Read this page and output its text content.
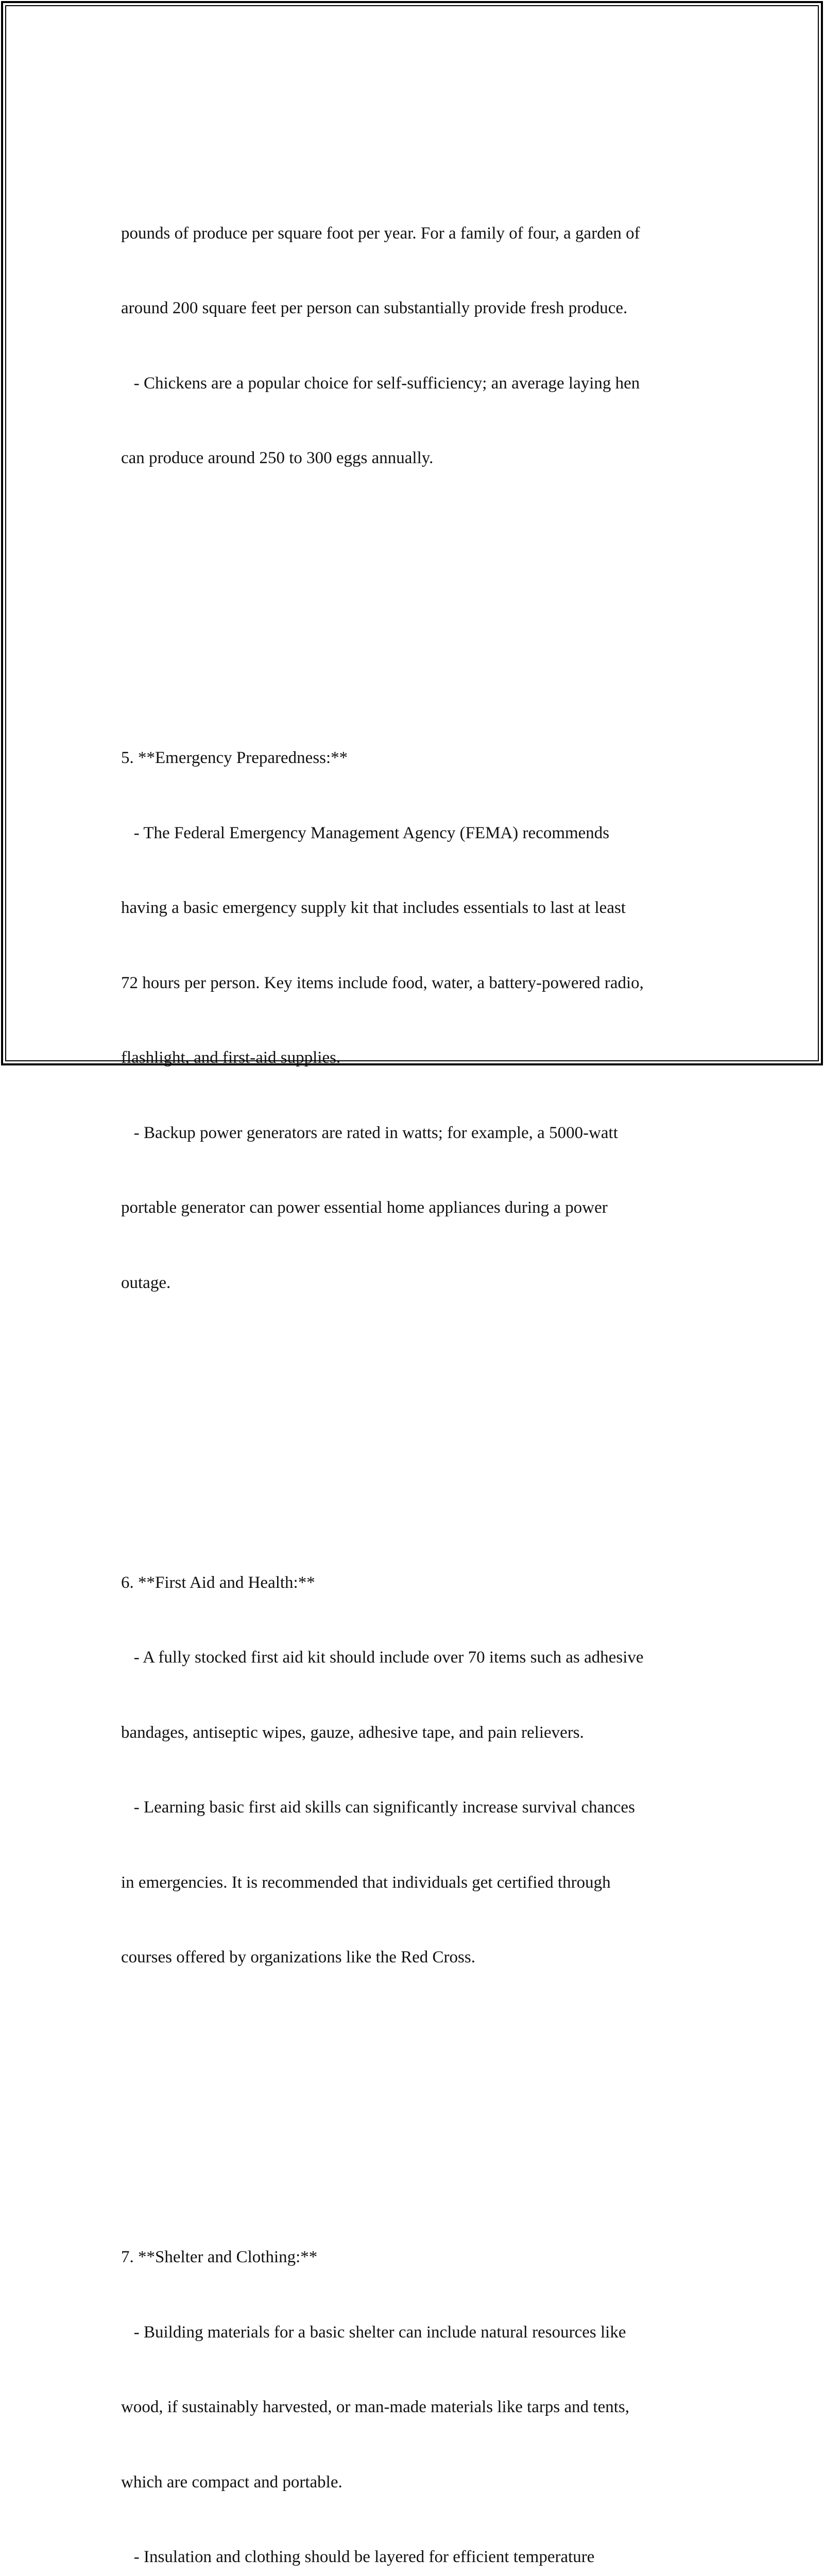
pounds of produce per square foot per year. For a family of four, a garden of

around 200 square feet per person can substantially provide fresh produce.

- Chickens are a popular choice for self-sufficiency; an average laying hen

can produce around 250 to 300 eggs annually.

5. **Emergency Preparedness:**

- The Federal Emergency Management Agency (FEMA) recommends

having a basic emergency supply kit that includes essentials to last at least

72 hours per person. Key items include food, water, a battery-powered radio,

flashlight, and first-aid supplies.

- Backup power generators are rated in watts; for example, a 5000-watt

portable generator can power essential home appliances during a power

outage.

6. **First Aid and Health:**

- A fully stocked first aid kit should include over 70 items such as adhesive

bandages, antiseptic wipes, gauze, adhesive tape, and pain relievers.

- Learning basic first aid skills can significantly increase survival chances

in emergencies. It is recommended that individuals get certified through

courses offered by organizations like the Red Cross.

7. **Shelter and Clothing:**

- Building materials for a basic shelter can include natural resources like

wood, if sustainably harvested, or man-made materials like tarps and tents,

which are compact and portable.

- Insulation and clothing should be layered for efficient temperature
